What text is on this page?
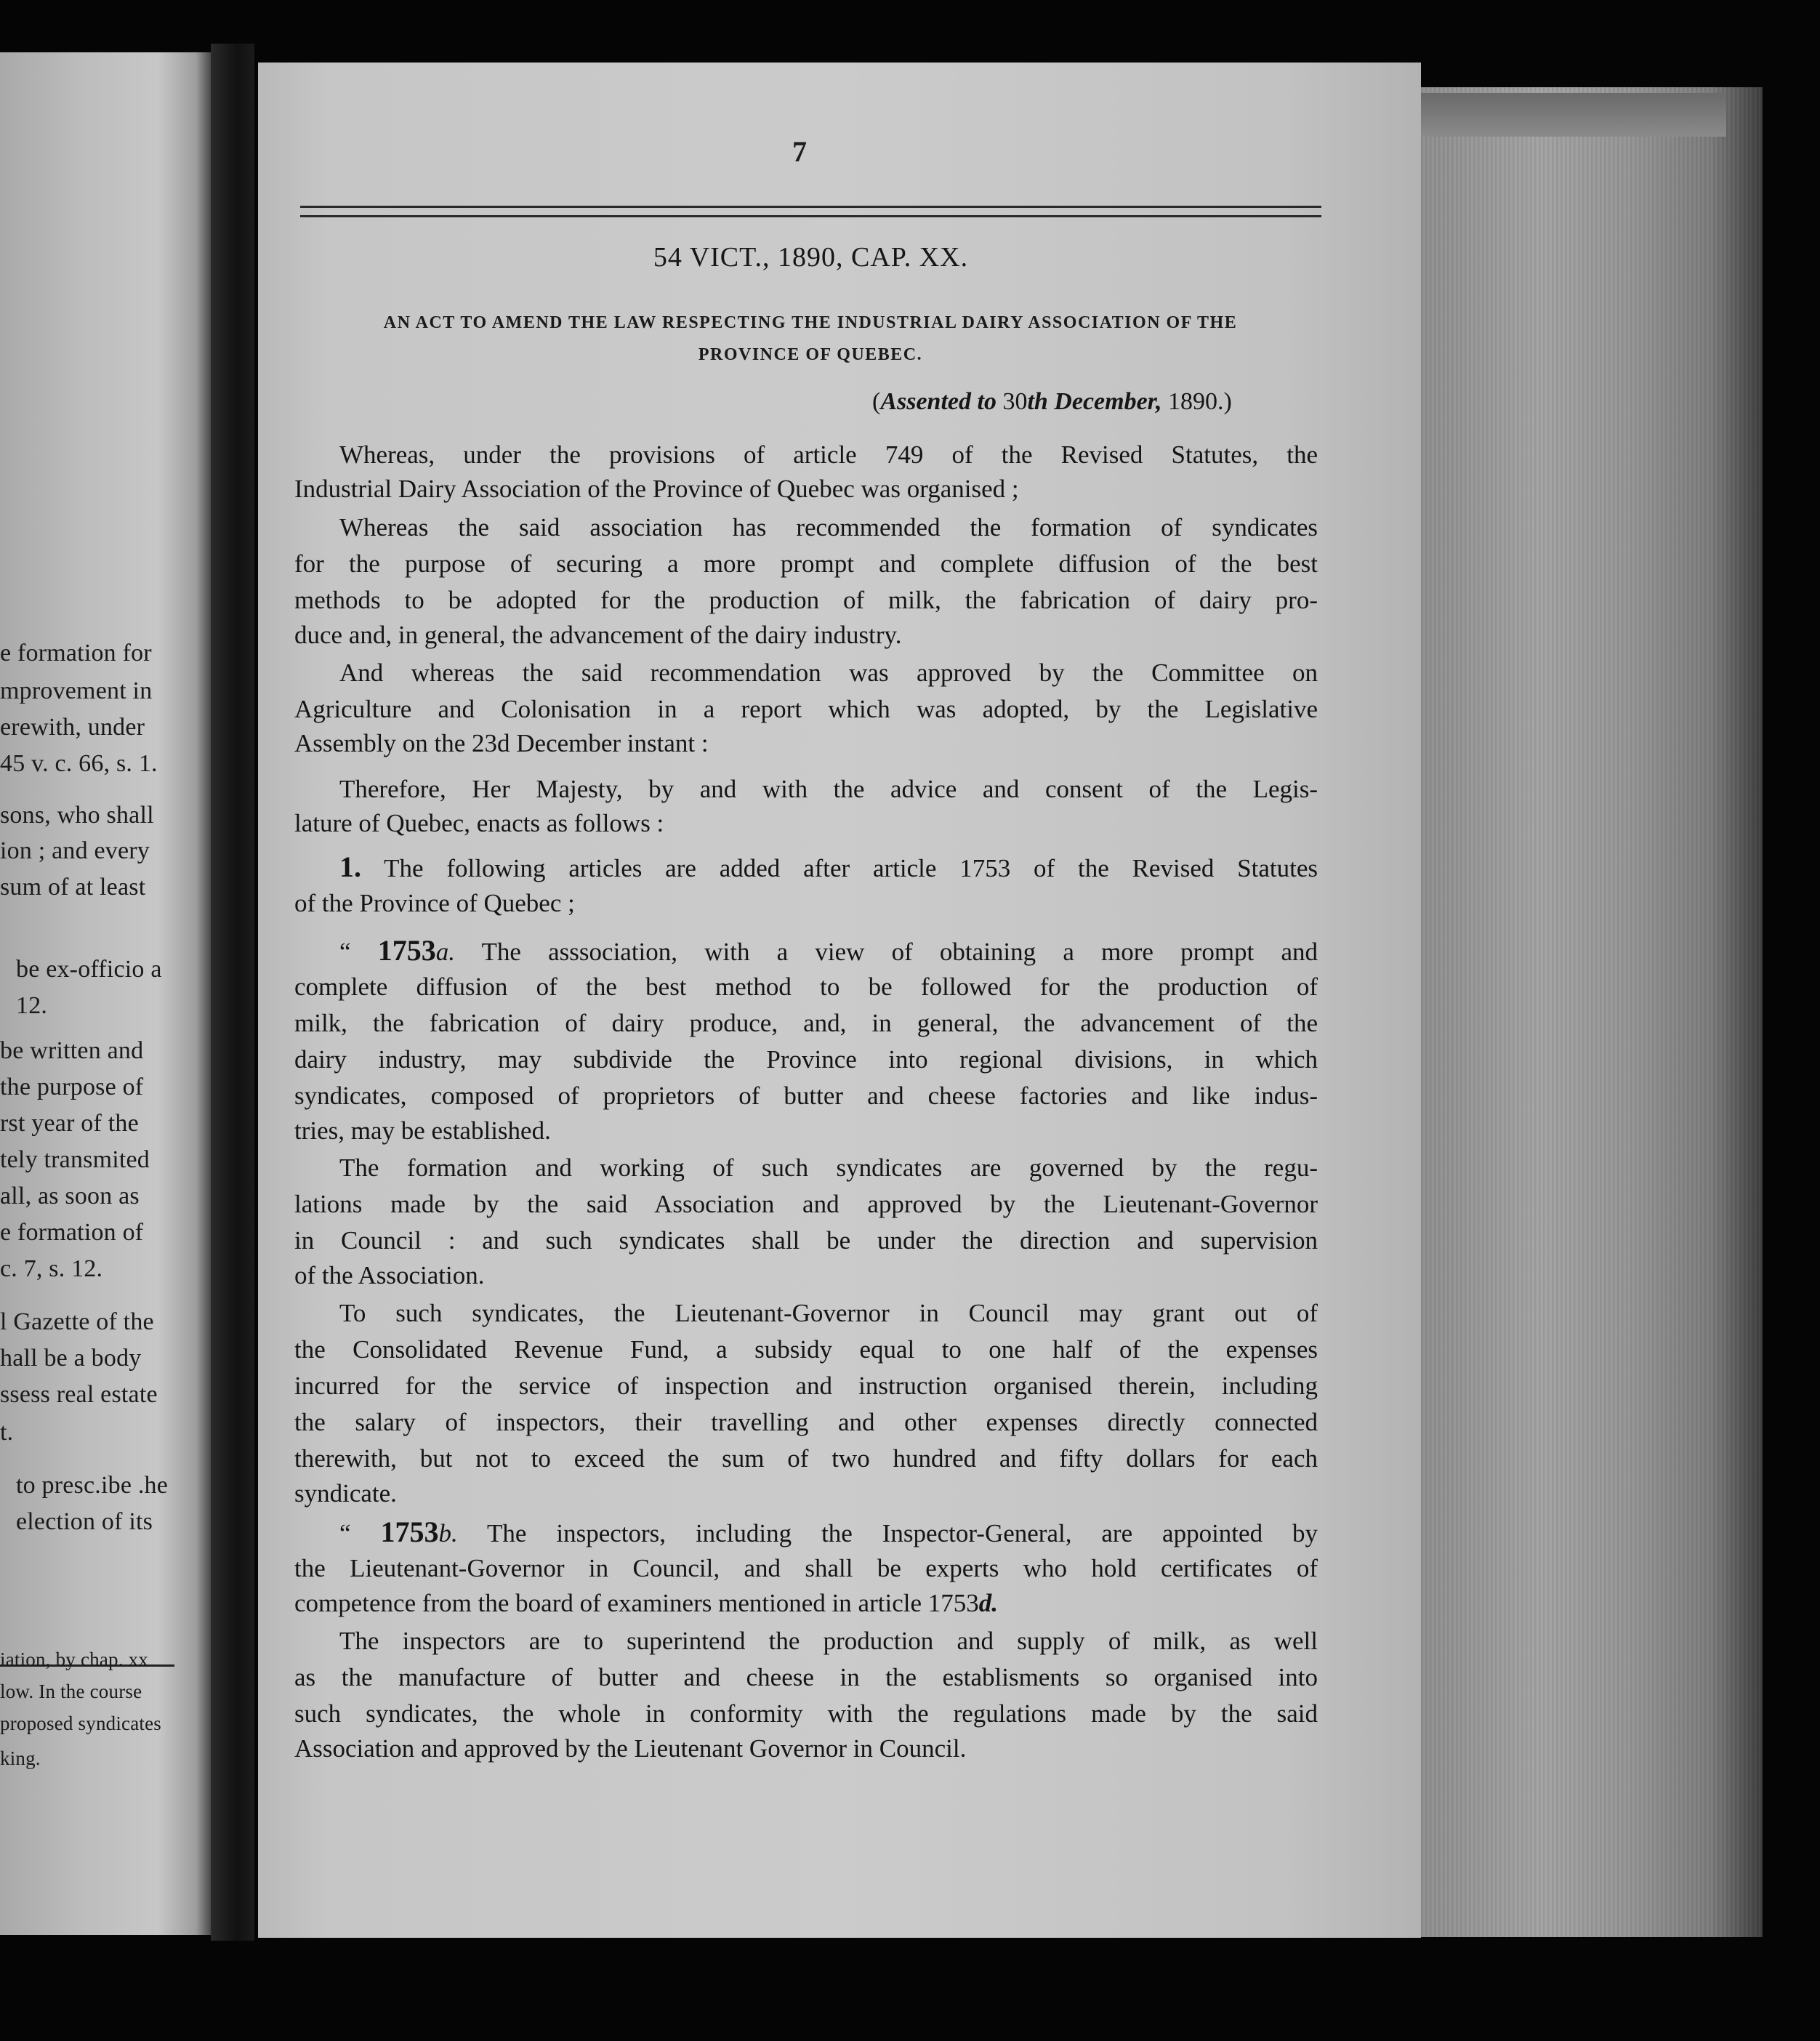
e formation for
mprovement in
erewith, under
45 v. c. 66, s. 1.
sons, who shall
ion ; and every
sum of at least
be ex-officio a
12.
be written and
the purpose of
rst year of the
tely transmited
all, as soon as
e formation of
c. 7, s. 12.
l Gazette of the
hall be a body
ssess real estate
t.
to presc.ibe .he
election of its
iation, by chap. xx
low. In the course
proposed syndicates
king.
7
54 VICT., 1890, CAP. XX.
AN ACT TO AMEND THE LAW RESPECTING THE INDUSTRIAL DAIRY ASSOCIATION OF THE
PROVINCE OF QUEBEC.
(Assented to 30th December, 1890.)
Whereas, under the provisions of article 749 of the Revised Statutes, the
Industrial Dairy Association of the Province of Quebec was organised ;
Whereas the said association has recommended the formation of syndicates
for the purpose of securing a more prompt and complete diffusion of the best
methods to be adopted for the production of milk, the fabrication of dairy pro-
duce and, in general, the advancement of the dairy industry.
And whereas the said recommendation was approved by the Committee on
Agriculture and Colonisation in a report which was adopted, by the Legislative
Assembly on the 23d December instant :
Therefore, Her Majesty, by and with the advice and consent of the Legis-
lature of Quebec, enacts as follows :
1. The following articles are added after article 1753 of the Revised Statutes
of the Province of Quebec ;
“ 1753a. The asssociation, with a view of obtaining a more prompt and
complete diffusion of the best method to be followed for the production of
milk, the fabrication of dairy produce, and, in general, the advancement of the
dairy industry, may subdivide the Province into regional divisions, in which
syndicates, composed of proprietors of butter and cheese factories and like indus-
tries, may be established.
The formation and working of such syndicates are governed by the regu-
lations made by the said Association and approved by the Lieutenant-Governor
in Council : and such syndicates shall be under the direction and supervision
of the Association.
To such syndicates, the Lieutenant-Governor in Council may grant out of
the Consolidated Revenue Fund, a subsidy equal to one half of the expenses
incurred for the service of inspection and instruction organised therein, including
the salary of inspectors, their travelling and other expenses directly connected
therewith, but not to exceed the sum of two hundred and fifty dollars for each
syndicate.
“ 1753b. The inspectors, including the Inspector-General, are appointed by
the Lieutenant-Governor in Council, and shall be experts who hold certificates of
competence from the board of examiners mentioned in article 1753d.
The inspectors are to superintend the production and supply of milk, as well
as the manufacture of butter and cheese in the establisments so organised into
such syndicates, the whole in conformity with the regulations made by the said
Association and approved by the Lieutenant Governor in Council.
